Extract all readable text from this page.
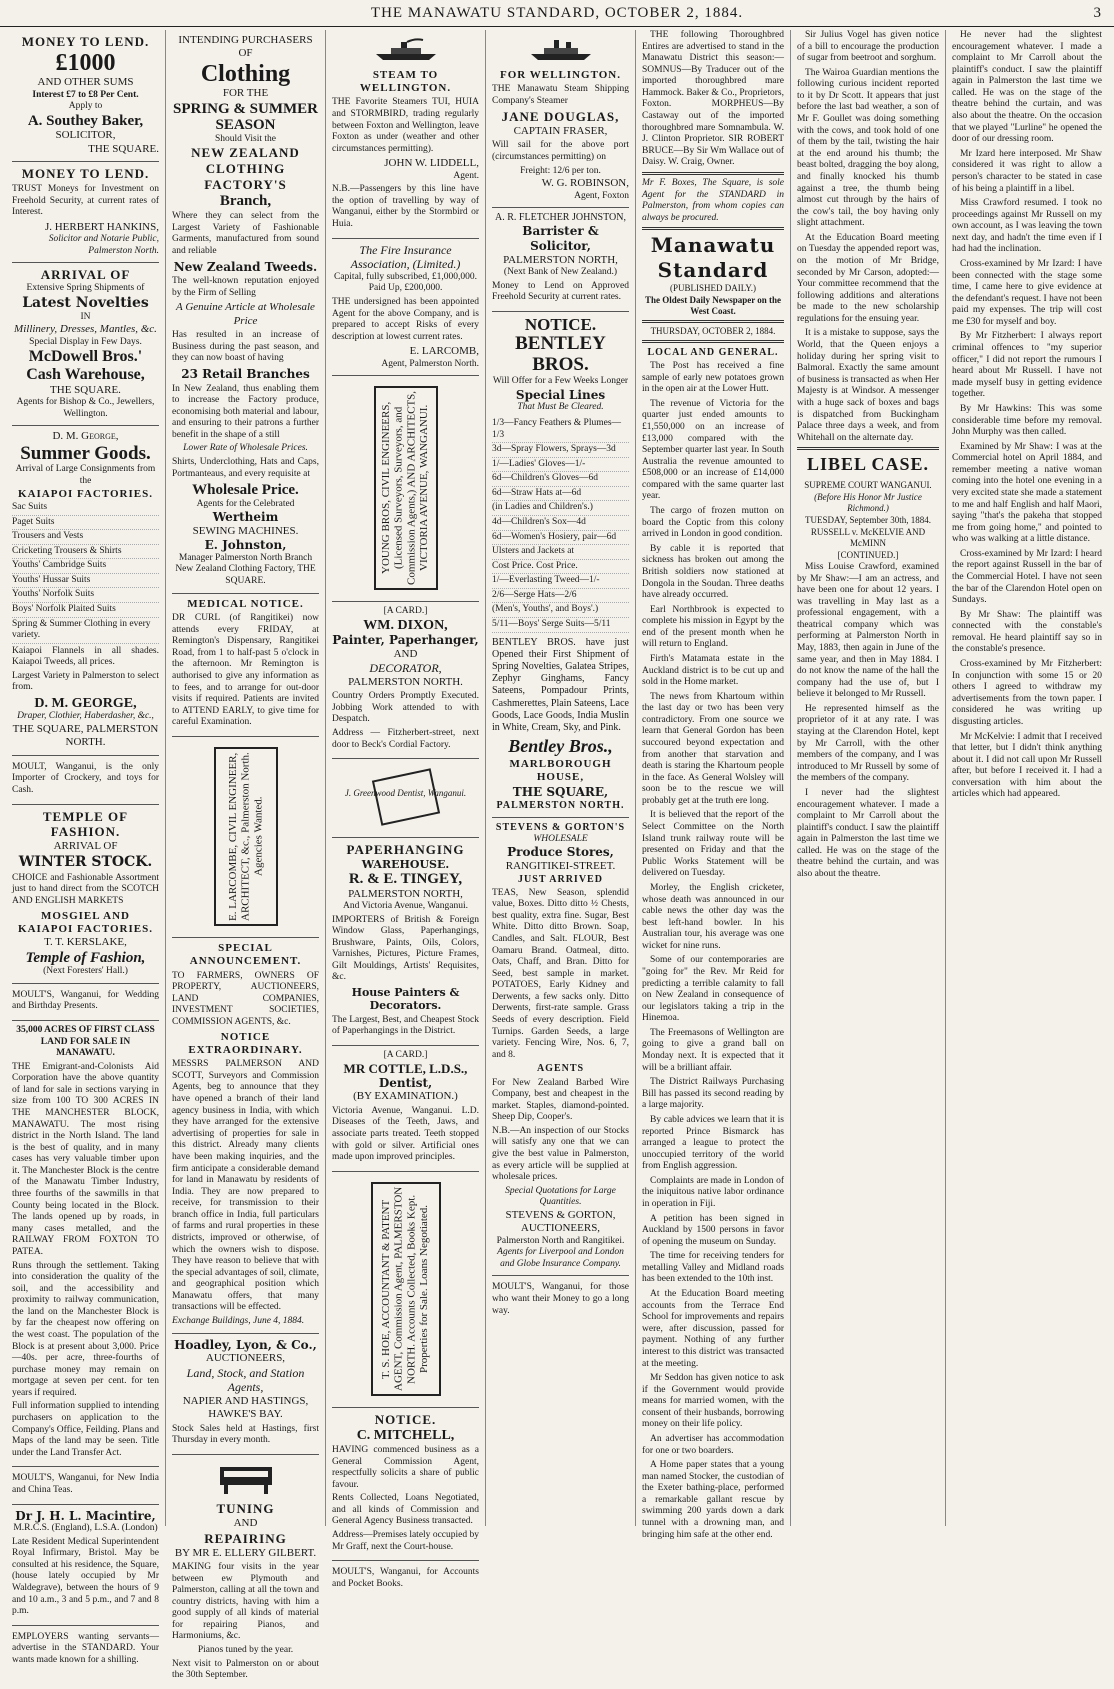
THE MANAWATU STANDARD, OCTOBER 2, 1884.	3
MONEY TO LEND.
£1000
AND OTHER SUMS
Interest £7 to £8 Per Cent.
Apply to
A. Southey Baker,
SOLICITOR,
THE SQUARE.
MONEY TO LEND.

TRUST Moneys for Investment on Freehold Security, at current rates of Interest.

J. HERBERT HANKINS,
Solicitor and Notarie Public, Palmerston North.
ARRIVAL OF
Extensive Spring Shipments of
Latest Novelties
IN
Millinery, Dresses, Mantles, &c.
Special Display in Few Days.
McDowell Bros.'
Cash Warehouse,
THE SQUARE.
Agents for Bishop & Co., Jewellers, Wellington.
D. M. George,
Summer Goods.
Arrival of Large Consignments from the
KAIAPOI FACTORIES.
Sac Suits
Paget Suits
Trousers and Vests
Cricketing Trousers & Shirts
Youths' Cambridge Suits
Youths' Hussar Suits
Youths' Norfolk Suits
Boys' Norfolk Plaited Suits
Spring & Summer Clothing in every variety.

Kaiapoi Flannels in all shades. Kaiapoi Tweeds, all prices.

Largest Variety in Palmerston to select from.

D. M. GEORGE,
Draper, Clothier, Haberdasher, &c.,
THE SQUARE, PALMERSTON NORTH.

MOULT, Wanganui, is the only Importer of Crockery, and toys for Cash.

TEMPLE OF FASHION.
ARRIVAL OF
WINTER STOCK.

CHOICE and Fashionable Assortment just to hand direct from the SCOTCH AND ENGLISH MARKETS

MOSGIEL AND KAIAPOI FACTORIES.
T. T. KERSLAKE,
Temple of Fashion,
(Next Foresters' Hall.)

MOULT'S, Wanganui, for Wedding and Birthday Presents.

35,000 ACRES OF FIRST CLASS LAND FOR SALE IN MANAWATU.

THE Emigrant-and-Colonists Aid Corporation have the above quantity of land for sale in sections varying in size from 100 TO 300 ACRES IN THE MANCHESTER BLOCK, MANAWATU. The most rising district in the North Island. The land is the best of quality, and in many cases has very valuable timber upon it. The Manchester Block is the centre of the Manawatu Timber Industry, three fourths of the sawmills in that County being located in the Block. The lands opened up by roads, in many cases metalled, and the RAILWAY FROM FOXTON TO PATEA.

Runs through the settlement. Taking into consideration the quality of the soil, and the accessibility and proximity to railway communication, the land on the Manchester Block is by far the cheapest now offering on the west coast. The population of the Block is at present about 3,000. Price—40s. per acre, three-fourths of purchase money may remain on mortgage at seven per cent. for ten years if required.

Full information supplied to intending purchasers on application to the Company's Office, Feilding. Plans and Maps of the land may be seen. Title under the Land Transfer Act.

MOULT'S, Wanganui, for New India and China Teas.

Dr J. H. L. Macintire,
M.R.C.S. (England), L.S.A. (London)

Late Resident Medical Superintendent Royal Infirmary, Bristol. May be consulted at his residence, the Square, (house lately occupied by Mr Waldegrave), between the hours of 9 and 10 a.m., 3 and 5 p.m., and 7 and 8 p.m.

EMPLOYERS wanting servants—advertise in the STANDARD. Your wants made known for a shilling.

INTENDING PURCHASERS OF
Clothing
FOR THE
SPRING & SUMMER SEASON
Should Visit the
NEW ZEALAND
CLOTHING FACTORY'S
Branch,

Where they can select from the Largest Variety of Fashionable Garments, manufactured from sound and reliable

New Zealand Tweeds.

The well-known reputation enjoyed by the Firm of Selling

A Genuine Article at Wholesale Price

Has resulted in an increase of Business during the past season, and they can now boast of having

23 Retail Branches

In New Zealand, thus enabling them to increase the Factory produce, economising both material and labour, and ensuring to their patrons a further benefit in the shape of a still

Lower Rate of Wholesale Prices.

Shirts, Underclothing, Hats and Caps, Portmanteaus, and every requisite at

Wholesale Price.
Agents for the Celebrated
Wertheim
SEWING MACHINES.
E. Johnston,
Manager Palmerston North Branch New Zealand Clothing Factory, THE SQUARE.
MEDICAL NOTICE.

DR CURL (of Rangitikei) now attends every FRIDAY, at Remington's Dispensary, Rangitikei Road, from 1 to half-past 5 o'clock in the afternoon. Mr Remington is authorised to give any information as to fees, and to arrange for out-door visits if required. Patients are invited to ATTEND EARLY, to give time for careful Examination.

E. LARCOMBE, CIVIL ENGINEER, ARCHITECT, &c., Palmerston North. Agencies Wanted.
SPECIAL ANNOUNCEMENT.

TO FARMERS, OWNERS OF PROPERTY, AUCTIONEERS, LAND COMPANIES, INVESTMENT SOCIETIES, COMMISSION AGENTS, &c.

NOTICE EXTRAORDINARY.

MESSRS PALMERSON AND SCOTT, Surveyors and Commission Agents, beg to announce that they have opened a branch of their land agency business in India, with which they have arranged for the extensive advertising of properties for sale in this district. Already many clients have been making inquiries, and the firm anticipate a considerable demand for land in Manawatu by residents of India. They are now prepared to receive, for transmission to their branch office in India, full particulars of farms and rural properties in these districts, improved or otherwise, of which the owners wish to dispose. They have reason to believe that with the special advantages of soil, climate, and geographical position which Manawatu offers, that many transactions will be effected.

Exchange Buildings, June 4, 1884.
Hoadley, Lyon, & Co.,
AUCTIONEERS,
Land, Stock, and Station
Agents,
NAPIER AND HASTINGS, HAWKE'S BAY.

Stock Sales held at Hastings, first Thursday in every month.

TUNING
AND
REPAIRING
BY MR E. ELLERY GILBERT.

MAKING four visits in the year between ew Plymouth and Palmerston, calling at all the town and country districts, having with him a good supply of all kinds of material for repairing Pianos, and Harmoniums, &c.

Pianos tuned by the year.

Next visit to Palmerston on or about the 30th September.

STEAM TO WELLINGTON.

THE Favorite Steamers TUI, HUIA and STORMBIRD, trading regularly between Foxton and Wellington, leave Foxton as under (weather and other circumstances permitting).

JOHN W. LIDDELL,
Agent.

N.B.—Passengers by this line have the option of travelling by way of Wanganui, either by the Stormbird or Huia.

The Fire Insurance Association, (Limited.)
Capital, fully subscribed, £1,000,000.
Paid Up, £200,000.

THE undersigned has been appointed Agent for the above Company, and is prepared to accept Risks of every description at lowest current rates.

E. LARCOMB,
Agent, Palmerston North.
YOUNG BROS, CIVIL ENGINEERS, (Licensed Surveyors, Surveyors, and Commission Agents,) AND ARCHITECTS, VICTORIA AVENUE, WANGANUI.
[A CARD.]
WM. DIXON,
Painter, Paperhanger,
AND
DECORATOR,
PALMERSTON NORTH.

Country Orders Promptly Executed. Jobbing Work attended to with Despatch.

Address — Fitzherbert-street, next door to Beck's Cordial Factory.

J. Greenwood Dentist, Wanganui.
PAPERHANGING
WAREHOUSE.
R. & E. TINGEY,
PALMERSTON NORTH,
And Victoria Avenue, Wanganui.

IMPORTERS of British & Foreign Window Glass, Paperhangings, Brushware, Paints, Oils, Colors, Varnishes, Pictures, Picture Frames, Gilt Mouldings, Artists' Requisites, &c.

House Painters & Decorators.

The Largest, Best, and Cheapest Stock of Paperhangings in the District.

[A CARD.]
MR COTTLE, L.D.S.,
Dentist,
(BY EXAMINATION.)

Victoria Avenue, Wanganui. L.D. Diseases of the Teeth, Jaws, and associate parts treated. Teeth stopped with gold or silver. Artificial ones made upon improved principles.

T. S. HOE, ACCOUNTANT & PATENT AGENT, Commission Agent, PALMERSTON NORTH. Accounts Collected, Books Kept. Properties for Sale. Loans Negotiated.
NOTICE.
C. MITCHELL,

HAVING commenced business as a General Commission Agent, respectfully solicits a share of public favour.

Rents Collected, Loans Negotiated, and all kinds of Commission and General Agency Business transacted.

Address—Premises lately occupied by Mr Graff, next the Court-house.

MOULT'S, Wanganui, for Accounts and Pocket Books.

FOR WELLINGTON.

THE Manawatu Steam Shipping Company's Steamer

JANE DOUGLAS,
CAPTAIN FRASER,

Will sail for the above port (circumstances permitting) on

Freight: 12/6 per ton.
W. G. ROBINSON,
Agent, Foxton
A. R. FLETCHER JOHNSTON,
Barrister & Solicitor,
PALMERSTON NORTH,
(Next Bank of New Zealand.)

Money to Lend on Approved Freehold Security at current rates.

NOTICE.
BENTLEY BROS.
Will Offer for a Few Weeks Longer
Special Lines
That Must Be Cleared.
1/3—Fancy Feathers & Plumes—1/3
3d—Spray Flowers, Sprays—3d
1/—Ladies' Gloves—1/-
6d—Children's Gloves—6d
6d—Straw Hats at—6d
(in Ladies and Children's.)
4d—Children's Sox—4d
6d—Women's Hosiery, pair—6d
Ulsters and Jackets at
Cost Price. Cost Price.
1/—Everlasting Tweed—1/-
2/6—Serge Hats—2/6
(Men's, Youths', and Boys'.)
5/11—Boys' Serge Suits—5/11

BENTLEY BROS. have just Opened their First Shipment of Spring Novelties, Galatea Stripes, Zephyr Ginghams, Fancy Sateens, Pompadour Prints, Cashmerettes, Plain Sateens, Lace Goods, Lace Goods, India Muslin in White, Cream, Sky, and Pink.

Bentley Bros.,
MARLBOROUGH HOUSE,
THE SQUARE,
PALMERSTON NORTH.
STEVENS & GORTON'S
WHOLESALE
Produce Stores,
RANGITIKEI-STREET.
JUST ARRIVED

TEAS, New Season, splendid value, Boxes. Ditto ditto ½ Chests, best quality, extra fine. Sugar, Best White. Ditto ditto Brown. Soap, Candles, and Salt. FLOUR, Best Oamaru Brand. Oatmeal, ditto. Oats, Chaff, and Bran. Ditto for Seed, best sample in market. POTATOES, Early Kidney and Derwents, a few sacks only. Ditto Derwents, first-rate sample. Grass Seeds of every description. Field Turnips. Garden Seeds, a large variety. Fencing Wire, Nos. 6, 7, and 8.

AGENTS

For New Zealand Barbed Wire Company, best and cheapest in the market. Staples, diamond-pointed. Sheep Dip, Cooper's.

N.B.—An inspection of our Stocks will satisfy any one that we can give the best value in Palmerston, as every article will be supplied at wholesale prices.

Special Quotations for Large Quantities.
STEVENS & GORTON,
AUCTIONEERS,
Palmerston North and Rangitikei.
Agents for Liverpool and London and Globe Insurance Company.

MOULT'S, Wanganui, for those who want their Money to go a long way.

THE following Thoroughbred Entires are advertised to stand in the Manawatu District this season:— SOMNUS—By Traducer out of the imported thoroughbred mare Hammock. Baker & Co., Proprietors, Foxton. MORPHEUS—By Castaway out of the imported thoroughbred mare Somnambula. W. J. Clinton Proprietor. SIR ROBERT BRUCE—By Sir Wm Wallace out of Daisy. W. Craig, Owner.

Mr F. Boxes, The Square, is sole Agent for the STANDARD in Palmerston, from whom copies can always be procured.

Manawatu Standard
(PUBLISHED DAILY.)
The Oldest Daily Newspaper on the West Coast.
THURSDAY, OCTOBER 2, 1884.
LOCAL AND GENERAL.

The Post has received a fine sample of early new potatoes grown in the open air at the Lower Hutt.

The revenue of Victoria for the quarter just ended amounts to £1,550,000 on an increase of £13,000 compared with the September quarter last year. In South Australia the revenue amounted to £508,000 or an increase of £14,000 compared with the same quarter last year.

The cargo of frozen mutton on board the Coptic from this colony arrived in London in good condition.

By cable it is reported that sickness has broken out among the British soldiers now stationed at Dongola in the Soudan. Three deaths have already occurred.

Earl Northbrook is expected to complete his mission in Egypt by the end of the present month when he will return to England.

Firth's Matamata estate in the Auckland district is to be cut up and sold in the Home market.

The news from Khartoum within the last day or two has been very contradictory. From one source we learn that General Gordon has been succoured beyond expectation and from another that starvation and death is staring the Khartoum people in the face. As General Wolsley will soon be to the rescue we will probably get at the truth ere long.

It is believed that the report of the Select Committee on the North Island trunk railway route will be presented on Friday and that the Public Works Statement will be delivered on Tuesday.

Morley, the English cricketer, whose death was announced in our cable news the other day was the best left-hand bowler. In his Australian tour, his average was one wicket for nine runs.

Some of our contemporaries are "going for" the Rev. Mr Reid for predicting a terrible calamity to fall on New Zealand in consequence of our legislators taking a trip in the Hinemoa.

The Freemasons of Wellington are going to give a grand ball on Monday next. It is expected that it will be a brilliant affair.

The District Railways Purchasing Bill has passed its second reading by a large majority.

By cable advices we learn that it is reported Prince Bismarck has arranged a league to protect the unoccupied territory of the world from English aggression.

Complaints are made in London of the iniquitous native labor ordinance in operation in Fiji.

A petition has been signed in Auckland by 1500 persons in favor of opening the museum on Sunday.

The time for receiving tenders for metalling Valley and Midland roads has been extended to the 10th inst.

At the Education Board meeting accounts from the Terrace End School for improvements and repairs were, after discussion, passed for payment. Nothing of any further interest to this district was transacted at the meeting.

Mr Seddon has given notice to ask if the Government would provide means for married women, with the consent of their husbands, borrowing money on their life policy.

An advertiser has accommodation for one or two boarders.

A Home paper states that a young man named Stocker, the custodian of the Exeter bathing-place, performed a remarkable gallant rescue by swimming 200 yards down a dark tunnel with a drowning man, and bringing him safe at the other end.

Sir Julius Vogel has given notice of a bill to encourage the production of sugar from beetroot and sorghum.

The Wairoa Guardian mentions the following curious incident reported to it by Dr Scott. It appears that just before the last bad weather, a son of Mr F. Goullet was doing something with the cows, and took hold of one of them by the tail, twisting the hair at the end around his thumb; the beast bolted, dragging the boy along, and finally knocked his thumb against a tree, the thumb being almost cut through by the hairs of the cow's tail, the boy having only slight attachment.

At the Education Board meeting on Tuesday the appended report was, on the motion of Mr Bridge, seconded by Mr Carson, adopted:—Your committee recommend that the following additions and alterations be made to the new scholarship regulations for the ensuing year.

It is a mistake to suppose, says the World, that the Queen enjoys a holiday during her spring visit to Balmoral. Exactly the same amount of business is transacted as when Her Majesty is at Windsor. A messenger with a huge sack of boxes and bags is dispatched from Buckingham Palace three days a week, and from Whitehall on the alternate day.

LIBEL CASE.
SUPREME COURT WANGANUI.
(Before His Honor Mr Justice Richmond.)
TUESDAY, September 30th, 1884.
RUSSELL v. McKELVIE AND McMINN
[CONTINUED.]

Miss Louise Crawford, examined by Mr Shaw:—I am an actress, and have been one for about 12 years. I was travelling in May last as a professional engagement, with a theatrical company which was performing at Palmerston North in May, 1883, then again in June of the same year, and then in May 1884. I do not know the name of the hall the company had the use of, but I believe it belonged to Mr Russell.

He represented himself as the proprietor of it at any rate. I was staying at the Clarendon Hotel, kept by Mr Carroll, with the other members of the company, and I was introduced to Mr Russell by some of the members of the company.

I never had the slightest encouragement whatever. I made a complaint to Mr Carroll about the plaintiff's conduct. I saw the plaintiff again in Palmerston the last time we called. He was on the stage of the theatre behind the curtain, and was also about the theatre.

He never had the slightest encouragement whatever. I made a complaint to Mr Carroll about the plaintiff's conduct. I saw the plaintiff again in Palmerston the last time we called. He was on the stage of the theatre behind the curtain, and was also about the theatre. On the occasion that we played "Lurline" he opened the door of our dressing room.

Mr Izard here interposed. Mr Shaw considered it was right to allow a person's character to be stated in case of his being a plaintiff in a libel.

Miss Crawford resumed. I took no proceedings against Mr Russell on my own account, as I was leaving the town next day, and hadn't the time even if I had had the inclination.

Cross-examined by Mr Izard: I have been connected with the stage some time, I came here to give evidence at the defendant's request. I have not been paid my expenses. The trip will cost me £30 for myself and boy.

By Mr Fitzherbert: I always report criminal offences to "my superior officer," I did not report the rumours I heard about Mr Russell. I have not made myself busy in getting evidence together.

By Mr Hawkins: This was some considerable time before my removal. John Murphy was then called.

Examined by Mr Shaw: I was at the Commercial hotel on April 1884, and remember meeting a native woman coming into the hotel one evening in a very excited state she made a statement to me and half English and half Maori, saying "that's the pakeha that stopped me from going home," and pointed to who was walking at a little distance.

Cross-examined by Mr Izard: I heard the report against Russell in the bar of the Commercial Hotel. I have not seen the bar of the Clarendon Hotel open on Sundays.

By Mr Shaw: The plaintiff was connected with the constable's removal. He heard plaintiff say so in the constable's presence.

Cross-examined by Mr Fitzherbert: In conjunction with some 15 or 20 others I agreed to withdraw my advertisements from the town paper. I considered he was writing up disgusting articles.

Mr McKelvie: I admit that I received that letter, but I didn't think anything about it. I did not call upon Mr Russell after, but before I received it. I had a conversation with him about the articles which had appeared.
